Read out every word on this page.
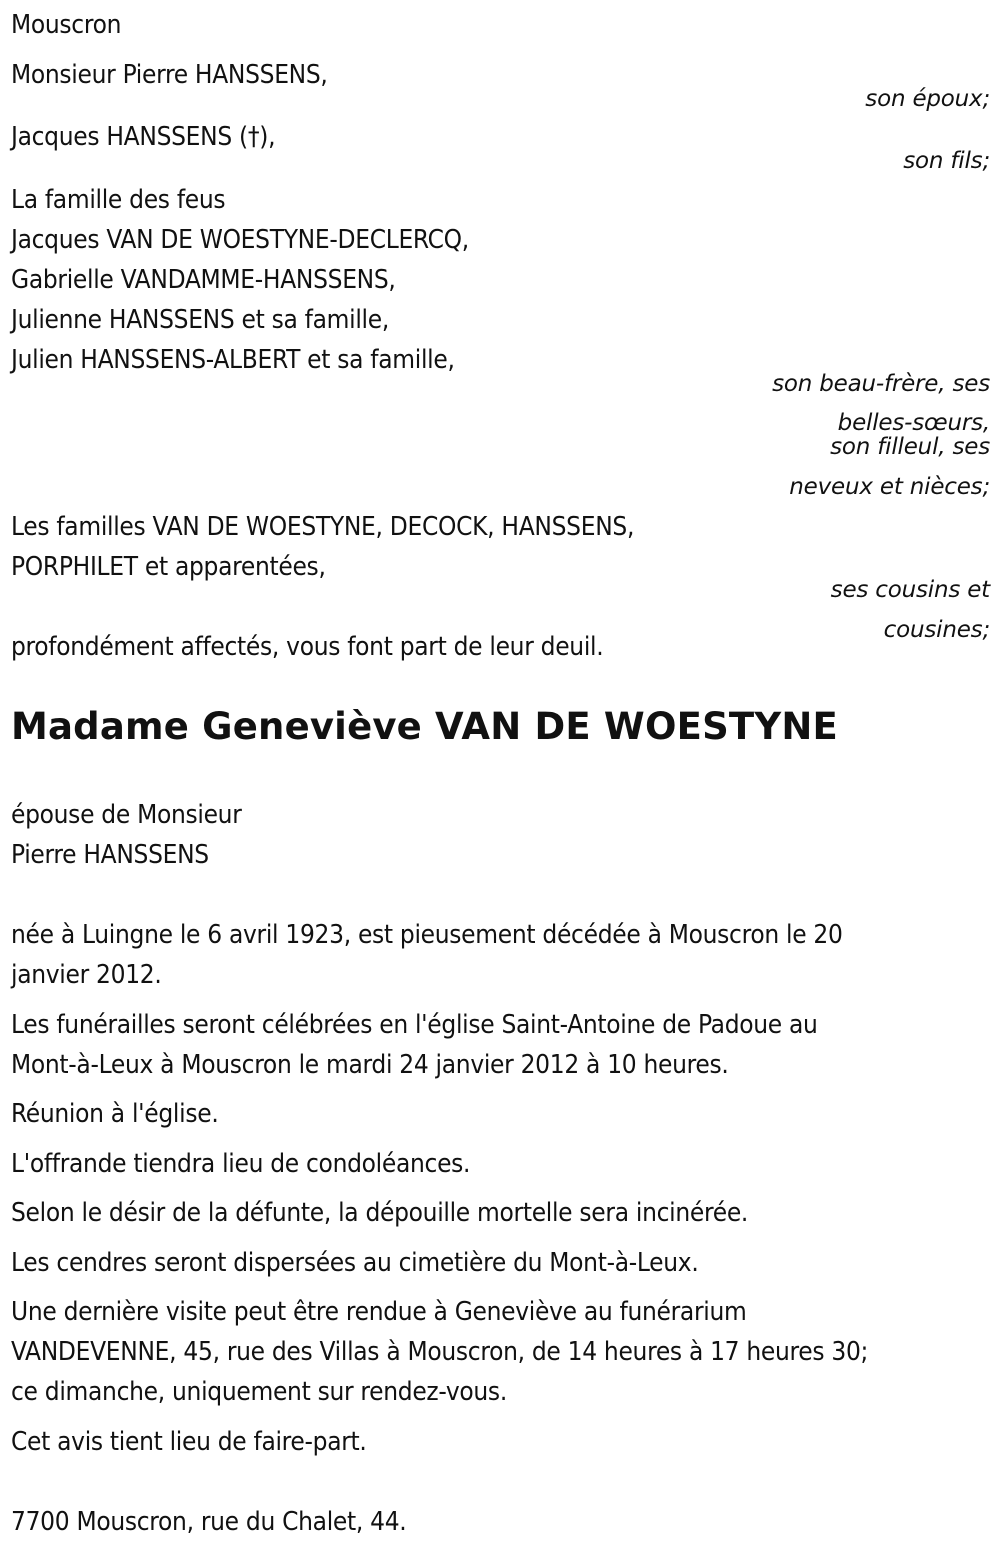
Mouscron

Monsieur Pierre HANSSENS,

son époux;

Jacques HANSSENS (†),

son fils;

La famille des feus

Jacques VAN DE WOESTYNE-DECLERCQ,

Gabrielle VANDAMME-HANSSENS,

Julienne HANSSENS et sa famille,

Julien HANSSENS-ALBERT et sa famille,

son beau-frère, ses

belles-sœurs,

son filleul, ses

neveux et nièces;

Les familles VAN DE WOESTYNE, DECOCK, HANSSENS,

PORPHILET et apparentées,

ses cousins et

cousines;

profondément affectés, vous font part de leur deuil.

Madame Geneviève VAN DE WOESTYNE

épouse de Monsieur

Pierre HANSSENS

née à Luingne le 6 avril 1923, est pieusement décédée à Mouscron le 20

janvier 2012.

Les funérailles seront célébrées en l'église Saint-Antoine de Padoue au

Mont-à-Leux à Mouscron le mardi 24 janvier 2012 à 10 heures.

Réunion à l'église.

L'offrande tiendra lieu de condoléances.

Selon le désir de la défunte, la dépouille mortelle sera incinérée.

Les cendres seront dispersées au cimetière du Mont-à-Leux.

Une dernière visite peut être rendue à Geneviève au funérarium

VANDEVENNE, 45, rue des Villas à Mouscron, de 14 heures à 17 heures 30;

ce dimanche, uniquement sur rendez-vous.

Cet avis tient lieu de faire-part.

7700 Mouscron, rue du Chalet, 44.
